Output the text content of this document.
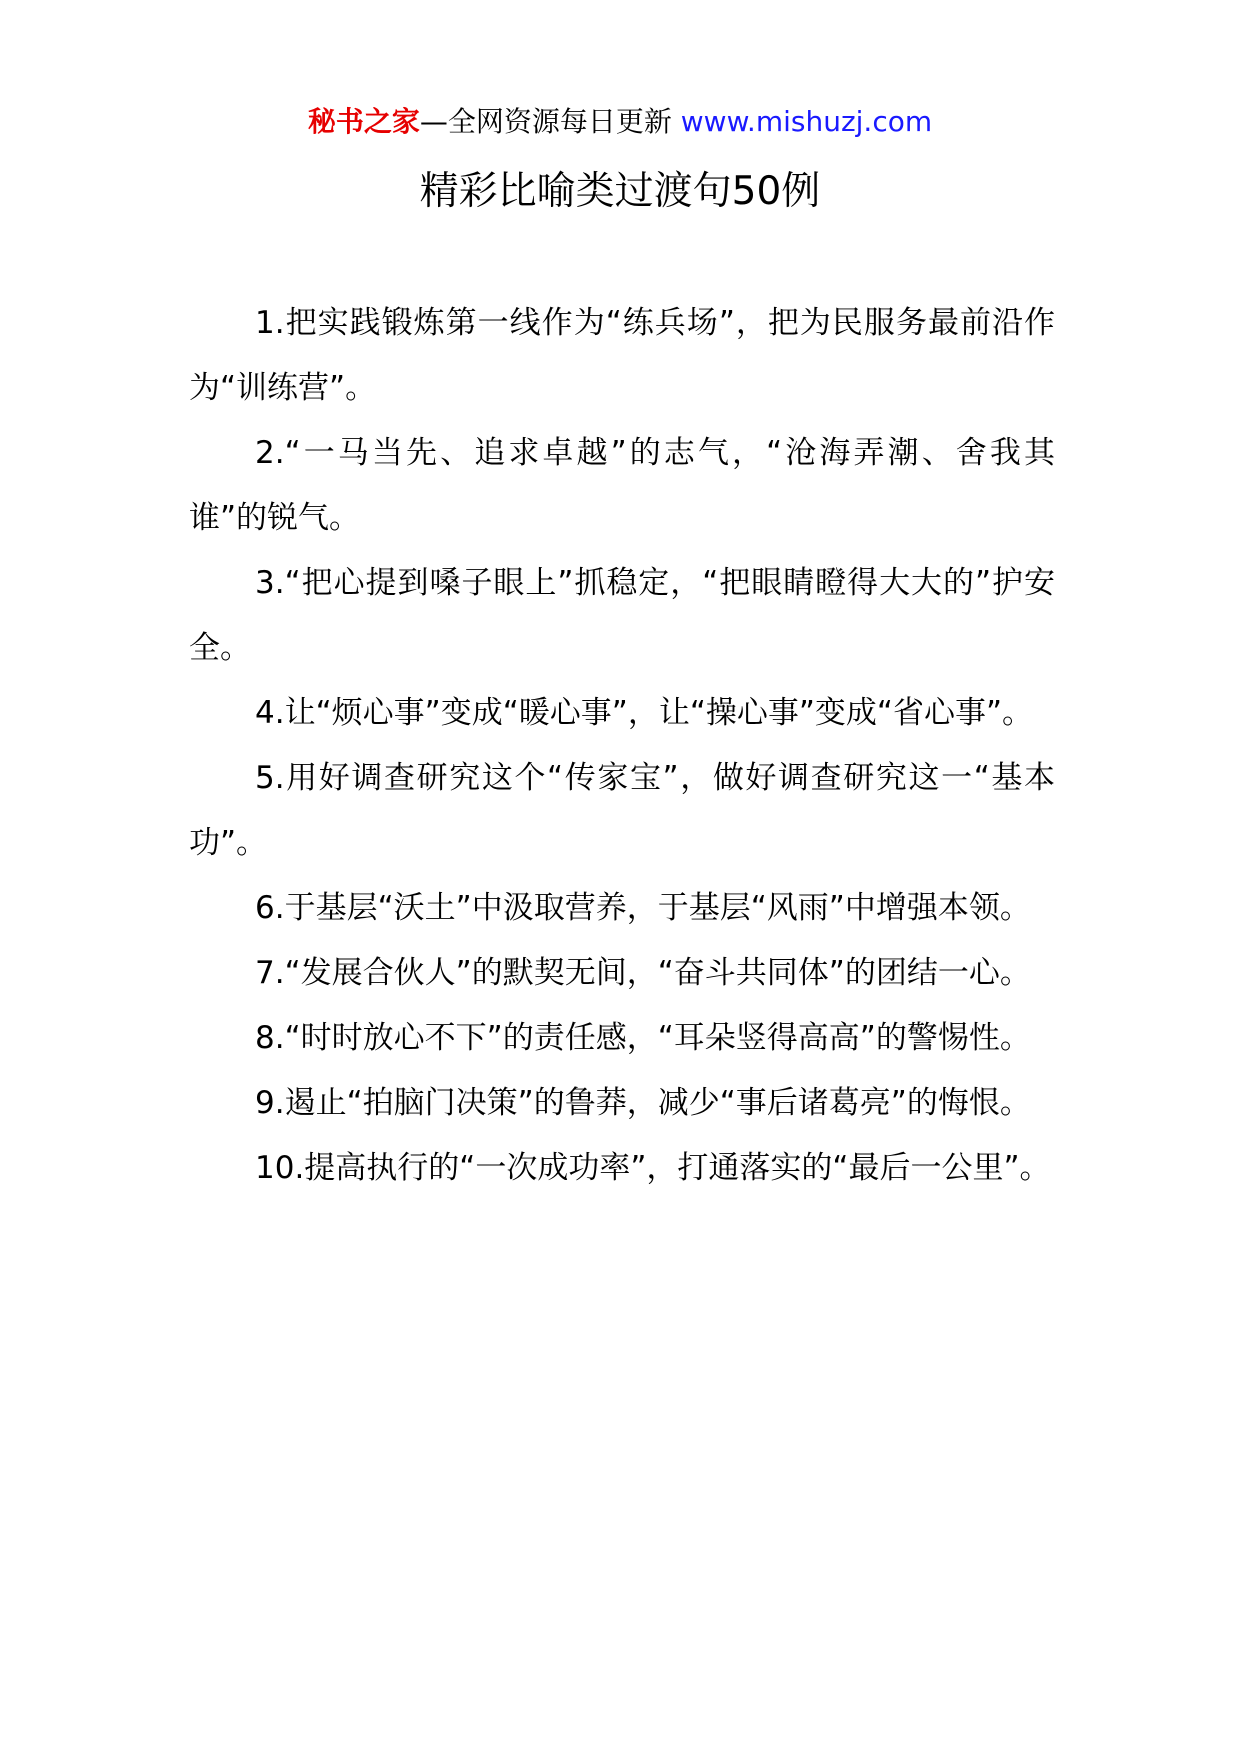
秘书之家—全网资源每日更新 www.mishuzj.com
精彩比喻类过渡句50例

1.把实践锻炼第一线作为“练兵场”，把为民服务最前沿作为“训练营”。

2.“一马当先、追求卓越”的志气，“沧海弄潮、舍我其谁”的锐气。

3.“把心提到嗓子眼上”抓稳定，“把眼睛瞪得大大的”护安全。

4.让“烦心事”变成“暖心事”，让“操心事”变成“省心事”。

5.用好调查研究这个“传家宝”，做好调查研究这一“基本功”。

6.于基层“沃土”中汲取营养，于基层“风雨”中增强本领。

7.“发展合伙人”的默契无间，“奋斗共同体”的团结一心。

8.“时时放心不下”的责任感，“耳朵竖得高高”的警惕性。

9.遏止“拍脑门决策”的鲁莽，减少“事后诸葛亮”的悔恨。

10.提高执行的“一次成功率”，打通落实的“最后一公里”。
